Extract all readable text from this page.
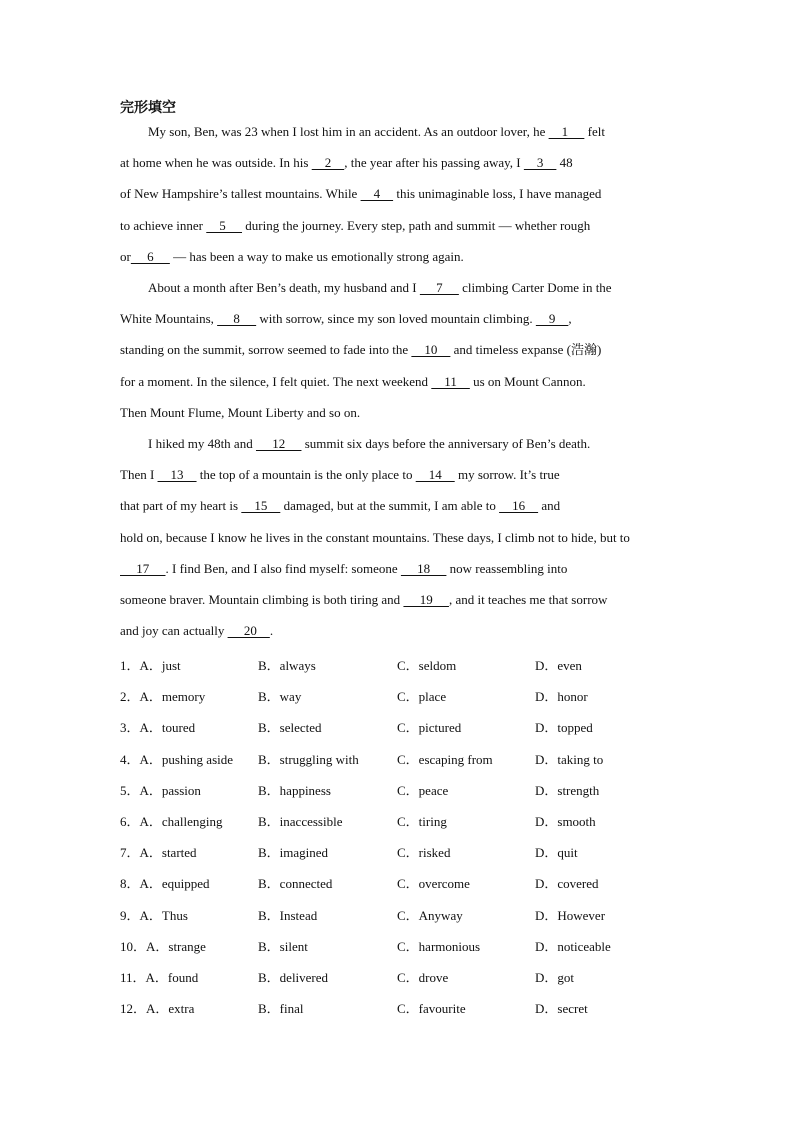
完形填空
My son, Ben, was 23 when I lost him in an accident. As an outdoor lover, he     1      felt
at home when he was outside. In his     2    , the year after his passing away, I     3     48
of New Hampshire’s tallest mountains. While     4     this unimaginable loss, I have managed
to achieve inner     5      during the journey. Every step, path and summit — whether rough
or     6      — has been a way to make us emotionally strong again.
About a month after Ben’s death, my husband and I      7      climbing Carter Dome in the
White Mountains,      8      with sorrow, since my son loved mountain climbing.     9    ,
standing on the summit, sorrow seemed to fade into the     10     and timeless expanse (浩瀚)
for a moment. In the silence, I felt quiet. The next weekend     11     us on Mount Cannon.
Then Mount Flume, Mount Liberty and so on.
I hiked my 48th and      12      summit six days before the anniversary of Ben’s death.
Then I     13     the top of a mountain is the only place to     14     my sorrow. It’s true
that part of my heart is     15     damaged, but at the summit, I am able to     16     and
hold on, because I know he lives in the constant mountains. These days, I climb not to hide, but to
17     . I find Ben, and I also find myself: someone      18      now reassembling into
someone braver. Mountain climbing is both tiring and      19     , and it teaches me that sorrow
and joy can actually      20    .
1．A．just	B．always	C．seldom	D．even
2．A．memory	B．way	C．place	D．honor
3．A．toured	B．selected	C．pictured	D．topped
4．A．pushing aside B．struggling with	C．escaping from	D．taking to
5．A．passion	B．happiness	C．peace	D．strength
6．A．challenging	B．inaccessible	C．tiring	D．smooth
7．A．started	B．imagined	C．risked	D．quit
8．A．equipped	B．connected	C．overcome	D．covered
9．A．Thus	B．Instead	C．Anyway	D．However
10．A．strange	B．silent	C．harmonious	D．noticeable
11．A．found	B．delivered	C．drove	D．got
12．A．extra	B．final	C．favourite	D．secret
